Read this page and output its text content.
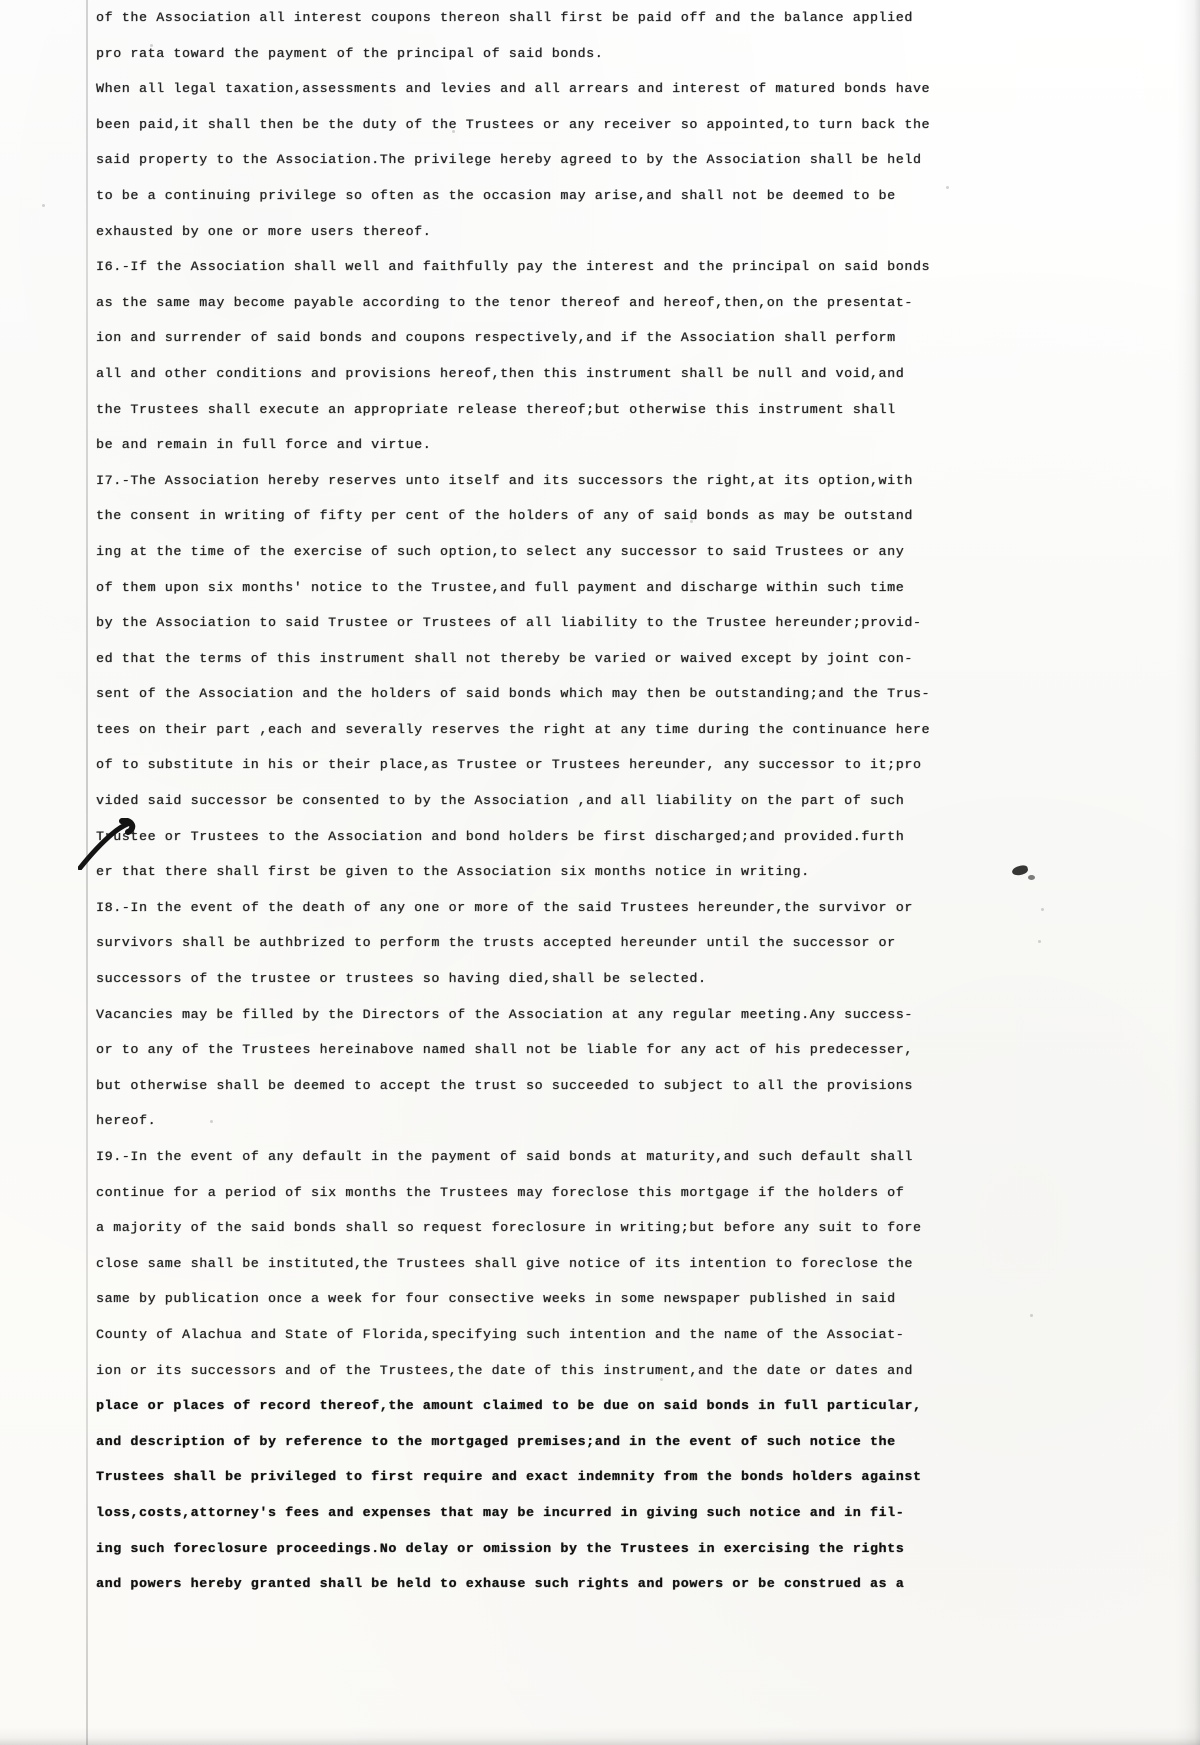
of the Association all interest coupons thereon shall first be paid off and the balance applied
pro rata toward the payment of the principal of said bonds.
When all legal taxation,assessments and levies and all arrears and interest of matured bonds have
been paid,it shall then be the duty of the Trustees or any receiver so appointed,to turn back the
said property to the Association.The privilege hereby agreed to by the Association shall be held
to be a continuing privilege so often as the occasion may arise,and shall not be deemed to be
exhausted by one or more users thereof.
I6.-If the Association shall well and faithfully pay the interest and the principal on said bonds
as the same may become payable according to the tenor thereof and hereof,then,on the presentat-
ion and surrender of said bonds and coupons respectively,and if the Association shall perform
all and other conditions and provisions hereof,then this instrument shall be null and void,and
the Trustees shall execute an appropriate release thereof;but otherwise this instrument shall
be and remain in full force and virtue.
I7.-The Association hereby reserves unto itself and its successors the right,at its option,with
the consent in writing of fifty per cent of the holders of any of said bonds as may be outstand
ing at the time of the exercise of such option,to select any successor to said Trustees or any
of them upon six months' notice to the Trustee,and full payment and discharge within such time
by the Association to said Trustee or Trustees of all liability to the Trustee hereunder;provid-
ed that the terms of this instrument shall not thereby be varied or waived except by joint con-
sent of the Association and the holders of said bonds which may then be outstanding;and the Trus-
tees on their part ,each and severally reserves the right at any time during the continuance here
of to substitute in his or their place,as Trustee or Trustees hereunder, any successor to it;pro
vided said successor be consented to by the Association ,and all liability on the part of such
Trustee or Trustees to the Association and bond holders be first discharged;and provided.furth
er that there shall first be given to the Association six months notice in writing.
I8.-In the event of the death of any one or more of the said Trustees hereunder,the survivor or
survivors shall be authbrized to perform the trusts accepted hereunder until the successor or
successors of the trustee or trustees so having died,shall be selected.
Vacancies may be filled by the Directors of the Association at any regular meeting.Any success-
or to any of the Trustees hereinabove named shall not be liable for any act of his predecesser,
but otherwise shall be deemed to accept the trust so succeeded to subject to all the provisions
hereof.
I9.-In the event of any default in the payment of said bonds at maturity,and such default shall
continue for a period of six months the Trustees may foreclose this mortgage if the holders of
a majority of the said bonds shall so request foreclosure in writing;but before any suit to fore
close same shall be instituted,the Trustees shall give notice of its intention to foreclose the
same by publication once a week for four consective weeks in some newspaper published in said
County of Alachua and State of Florida,specifying such intention and the name of the Associat-
ion or its successors and of the Trustees,the date of this instrument,and the date or dates and
place or places of record thereof,the amount claimed to be due on said bonds in full particular,
and description of by reference to the mortgaged premises;and in the event of such notice the
Trustees shall be privileged to first require and exact indemnity from the bonds holders against
loss,costs,attorney's fees and expenses that may be incurred in giving such notice and in fil-
ing such foreclosure proceedings.No delay or omission by the Trustees in exercising the rights
and powers hereby granted shall be held to exhause such rights and powers or be construed as a
